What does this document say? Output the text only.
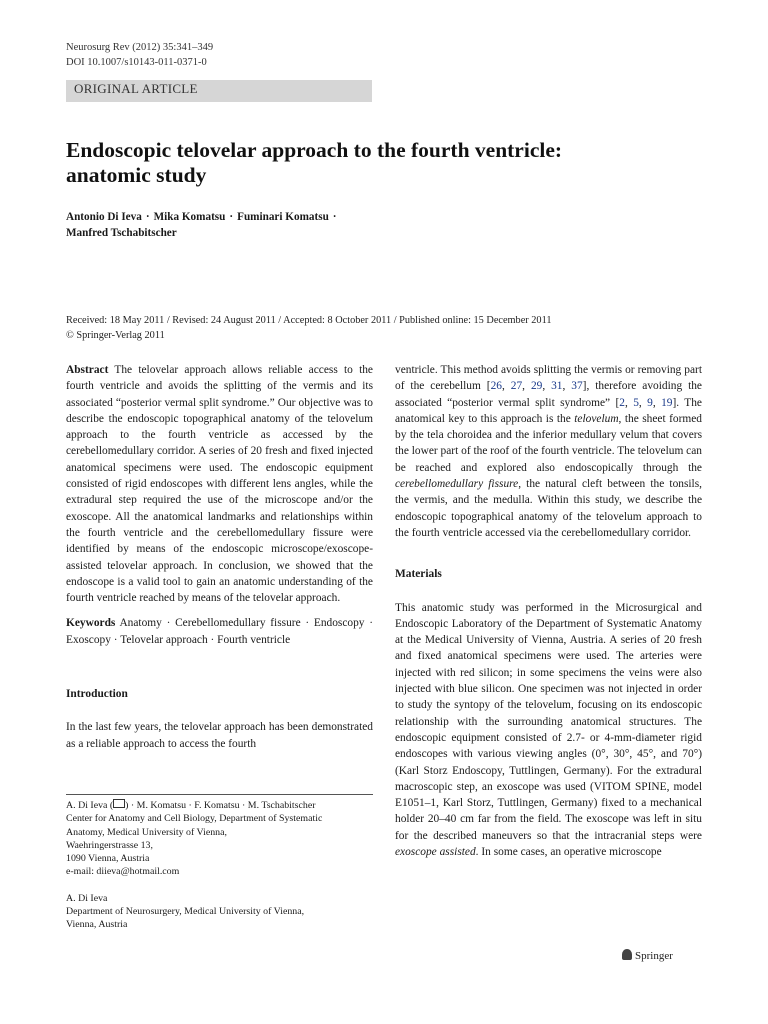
Neurosurg Rev (2012) 35:341–349
DOI 10.1007/s10143-011-0371-0
ORIGINAL ARTICLE
Endoscopic telovelar approach to the fourth ventricle:
anatomic study
Antonio Di Ieva · Mika Komatsu · Fuminari Komatsu ·
Manfred Tschabitscher
Received: 18 May 2011 / Revised: 24 August 2011 / Accepted: 8 October 2011 / Published online: 15 December 2011
© Springer-Verlag 2011

Abstract The telovelar approach allows reliable access to the fourth ventricle and avoids the splitting of the vermis and its associated “posterior vermal split syndrome.” Our objective was to describe the endoscopic topographical anatomy of the telovelum approach to the fourth ventricle as accessed by the cerebellomedullary corridor. A series of 20 fresh and fixed injected anatomical specimens were used. The endoscopic equipment consisted of rigid endoscopes with different lens angles, while the extradural step required the use of the microscope and/or the exoscope. All the anatomical landmarks and relationships within the fourth ventricle and the cerebellomedullary fissure were identified by means of the endoscopic microscope/exoscope-assisted telovelar approach. In conclusion, we showed that the endoscope is a valid tool to gain an anatomic understanding of the fourth ventricle reached by means of the telovelar approach.

Keywords Anatomy · Cerebellomedullary fissure · Endoscopy · Exoscopy · Telovelar approach · Fourth ventricle

Introduction

In the last few years, the telovelar approach has been demonstrated as a reliable approach to access the fourth

ventricle. This method avoids splitting the vermis or removing part of the cerebellum [26, 27, 29, 31, 37], therefore avoiding the associated “posterior vermal split syndrome” [2, 5, 9, 19]. The anatomical key to this approach is the telovelum, the sheet formed by the tela choroidea and the inferior medullary velum that covers the lower part of the roof of the fourth ventricle. The telovelum can be reached and explored also endoscopically through the cerebellomedullary fissure, the natural cleft between the tonsils, the vermis, and the medulla. Within this study, we describe the endoscopic topographical anatomy of the telovelum approach to the fourth ventricle accessed via the cerebellomedullary corridor.

Materials

This anatomic study was performed in the Microsurgical and Endoscopic Laboratory of the Department of Systematic Anatomy at the Medical University of Vienna, Austria. A series of 20 fresh and fixed anatomical specimens were used. The arteries were injected with red silicon; in some specimens the veins were also injected with blue silicon. One specimen was not injected in order to study the syntopy of the telovelum, focusing on its endoscopic relationship with the surrounding anatomical structures. The endoscopic equipment consisted of 2.7- or 4-mm-diameter rigid endoscopes with various viewing angles (0°, 30°, 45°, and 70°) (Karl Storz Endoscopy, Tuttlingen, Germany). For the extradural macroscopic step, an exoscope was used (VITOM SPINE, model E1051–1, Karl Storz, Tuttlingen, Germany) fixed to a mechanical holder 20–40 cm far from the field. The exoscope was left in situ for the described maneuvers so that the intracranial steps were exoscope assisted. In some cases, an operative microscope

A. Di Ieva ( ) · M. Komatsu · F. Komatsu · M. Tschabitscher
Center for Anatomy and Cell Biology, Department of Systematic
Anatomy, Medical University of Vienna,
Waehringerstrasse 13,
1090 Vienna, Austria
e-mail: diieva@hotmail.com
A. Di Ieva
Department of Neurosurgery, Medical University of Vienna,
Vienna, Austria
Springer
